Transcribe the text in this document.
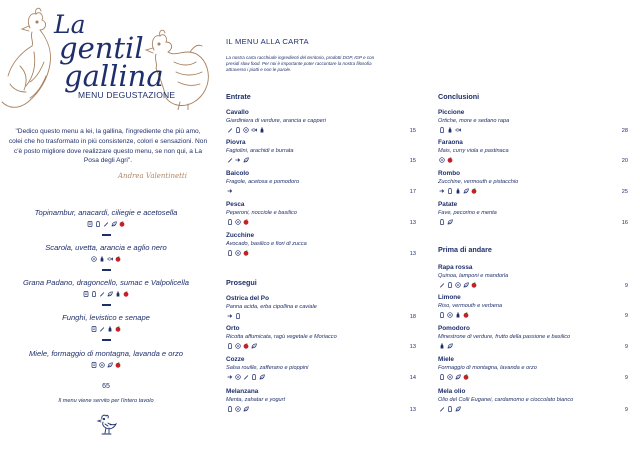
La
gentil
gallina
MENU DEGUSTAZIONE
"Dedico questo menu a lei, la gallina, l'ingrediente che più amo, colei che ho trasformato in più consistenze, colori e sensazioni. Non c'è posto migliore dove realizzare questo menu, se non qui, a La Posa degli Agri".
Andrea Valentinetti
Topinambur, anacardi, ciliegie e acetosella
Scarola, uvetta, arancia e aglio nero
Grana Padano, dragoncello, sumac e Valpolicella
Funghi, levistico e senape
Miele, formaggio di montagna, lavanda e orzo
65
Il menu viene servito per l'intero tavolo
IL MENU ALLA CARTA
La nostra carta racchiude ingredienti del territorio, prodotti DOP, IGP e con presidi slow food. Per noi è importante poter raccontare la nostra filosofia attraverso i piatti e non le parole.
Entrate
Cavallo
Giardiniera di verdure, arancia e capperi
15
Piovra
Fagiolini, arachidi e burrata
15
Baicolo
Fragole, acetosa e pomodoro
17
Pesca
Peperoni, nocciole e basilico
13
Zucchine
Avocado, basilico e fiori di zucca
13
Prosegui
Ostrica del Po
Panna acida, erba cipollina e caviale
18
Orto
Ricotta affumicata, ragù vegetale e Moriacco
13
Cozze
Salsa rouille, zafferano e pioppini
14
Melanzana
Menta, zahatar e yogurt
13
Conclusioni
Piccione
Ortiche, more e sedano rapa
28
Faraona
Mais, curry viola e pastinaca
20
Rombo
Zucchine, vermouth e pistacchio
25
Patate
Fave, pecorino e menta
16
Prima di andare
Rapa rossa
Quinoa, lamponi e mandorla
9
Limone
Riso, vermouth e verbena
9
Pomodoro
Minestrone di verdure, frutto della passione e basilico
9
Miele
Formaggio di montagna, lavanda e orzo
9
Mela olio
Olio del Colli Euganei, cardamomo e cioccolato bianco
9
